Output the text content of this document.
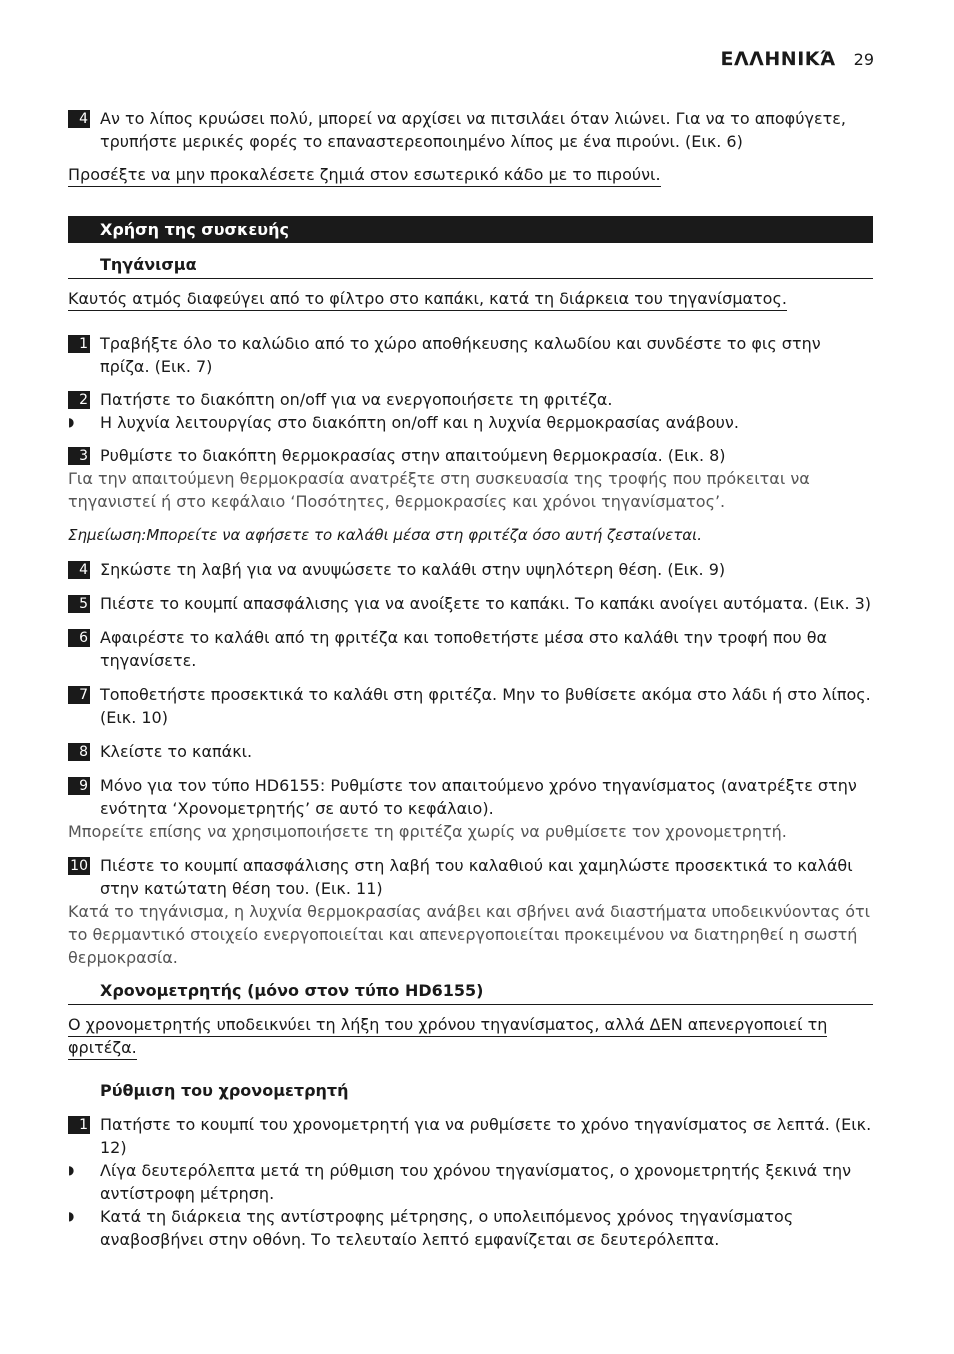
ΕΛΛΗΝΙΚΆ 29
4 Αν το λίπος κρυώσει πολύ, μπορεί να αρχίσει να πιτσιλάει όταν λιώνει. Για να το αποφύγετε, τρυπήστε μερικές φορές το επαναστερεοποιημένο λίπος με ένα πιρούνι. (Εικ. 6)
Προσέξτε να μην προκαλέσετε ζημιά στον εσωτερικό κάδο με το πιρούνι.
Χρήση της συσκευής
Τηγάνισμα
Καυτός ατμός διαφεύγει από το φίλτρο στο καπάκι, κατά τη διάρκεια του τηγανίσματος.
1 Τραβήξτε όλο το καλώδιο από το χώρο αποθήκευσης καλωδίου και συνδέστε το φις στην πρίζα. (Εικ. 7)
2 Πατήστε το διακόπτη on/off για να ενεργοποιήσετε τη φριτέζα.
◗ Η λυχνία λειτουργίας στο διακόπτη on/off και η λυχνία θερμοκρασίας ανάβουν.
3 Ρυθμίστε το διακόπτη θερμοκρασίας στην απαιτούμενη θερμοκρασία. (Εικ. 8)
Για την απαιτούμενη θερμοκρασία ανατρέξτε στη συσκευασία της τροφής που πρόκειται να τηγανιστεί ή στο κεφάλαιο ‘Ποσότητες, θερμοκρασίες και χρόνοι τηγανίσματος’.
Σημείωση:Μπορείτε να αφήσετε το καλάθι μέσα στη φριτέζα όσο αυτή ζεσταίνεται.
4 Σηκώστε τη λαβή για να ανυψώσετε το καλάθι στην υψηλότερη θέση. (Εικ. 9)
5 Πιέστε το κουμπί απασφάλισης για να ανοίξετε το καπάκι. Το καπάκι ανοίγει αυτόματα. (Εικ. 3)
6 Αφαιρέστε το καλάθι από τη φριτέζα και τοποθετήστε μέσα στο καλάθι την τροφή που θα τηγανίσετε.
7 Τοποθετήστε προσεκτικά το καλάθι στη φριτέζα. Μην το βυθίσετε ακόμα στο λάδι ή στο λίπος. (Εικ. 10)
8 Κλείστε το καπάκι.
9 Μόνο για τον τύπο HD6155: Ρυθμίστε τον απαιτούμενο χρόνο τηγανίσματος (ανατρέξτε στην ενότητα ‘Χρονομετρητής’ σε αυτό το κεφάλαιο).
Μπορείτε επίσης να χρησιμοποιήσετε τη φριτέζα χωρίς να ρυθμίσετε τον χρονομετρητή.
10 Πιέστε το κουμπί απασφάλισης στη λαβή του καλαθιού και χαμηλώστε προσεκτικά το καλάθι στην κατώτατη θέση του. (Εικ. 11)
Κατά το τηγάνισμα, η λυχνία θερμοκρασίας ανάβει και σβήνει ανά διαστήματα υποδεικνύοντας ότι το θερμαντικό στοιχείο ενεργοποιείται και απενεργοποιείται προκειμένου να διατηρηθεί η σωστή θερμοκρασία.
Χρονομετρητής (μόνο στον τύπο HD6155)
Ο χρονομετρητής υποδεικνύει τη λήξη του χρόνου τηγανίσματος, αλλά ΔΕΝ απενεργοποιεί τη φριτέζα.
Ρύθμιση του χρονομετρητή
1 Πατήστε το κουμπί του χρονομετρητή για να ρυθμίσετε το χρόνο τηγανίσματος σε λεπτά. (Εικ. 12)
◗ Λίγα δευτερόλεπτα μετά τη ρύθμιση του χρόνου τηγανίσματος, ο χρονομετρητής ξεκινά την αντίστροφη μέτρηση.
◗ Κατά τη διάρκεια της αντίστροφης μέτρησης, ο υπολειπόμενος χρόνος τηγανίσματος αναβοσβήνει στην οθόνη. Το τελευταίο λεπτό εμφανίζεται σε δευτερόλεπτα.
